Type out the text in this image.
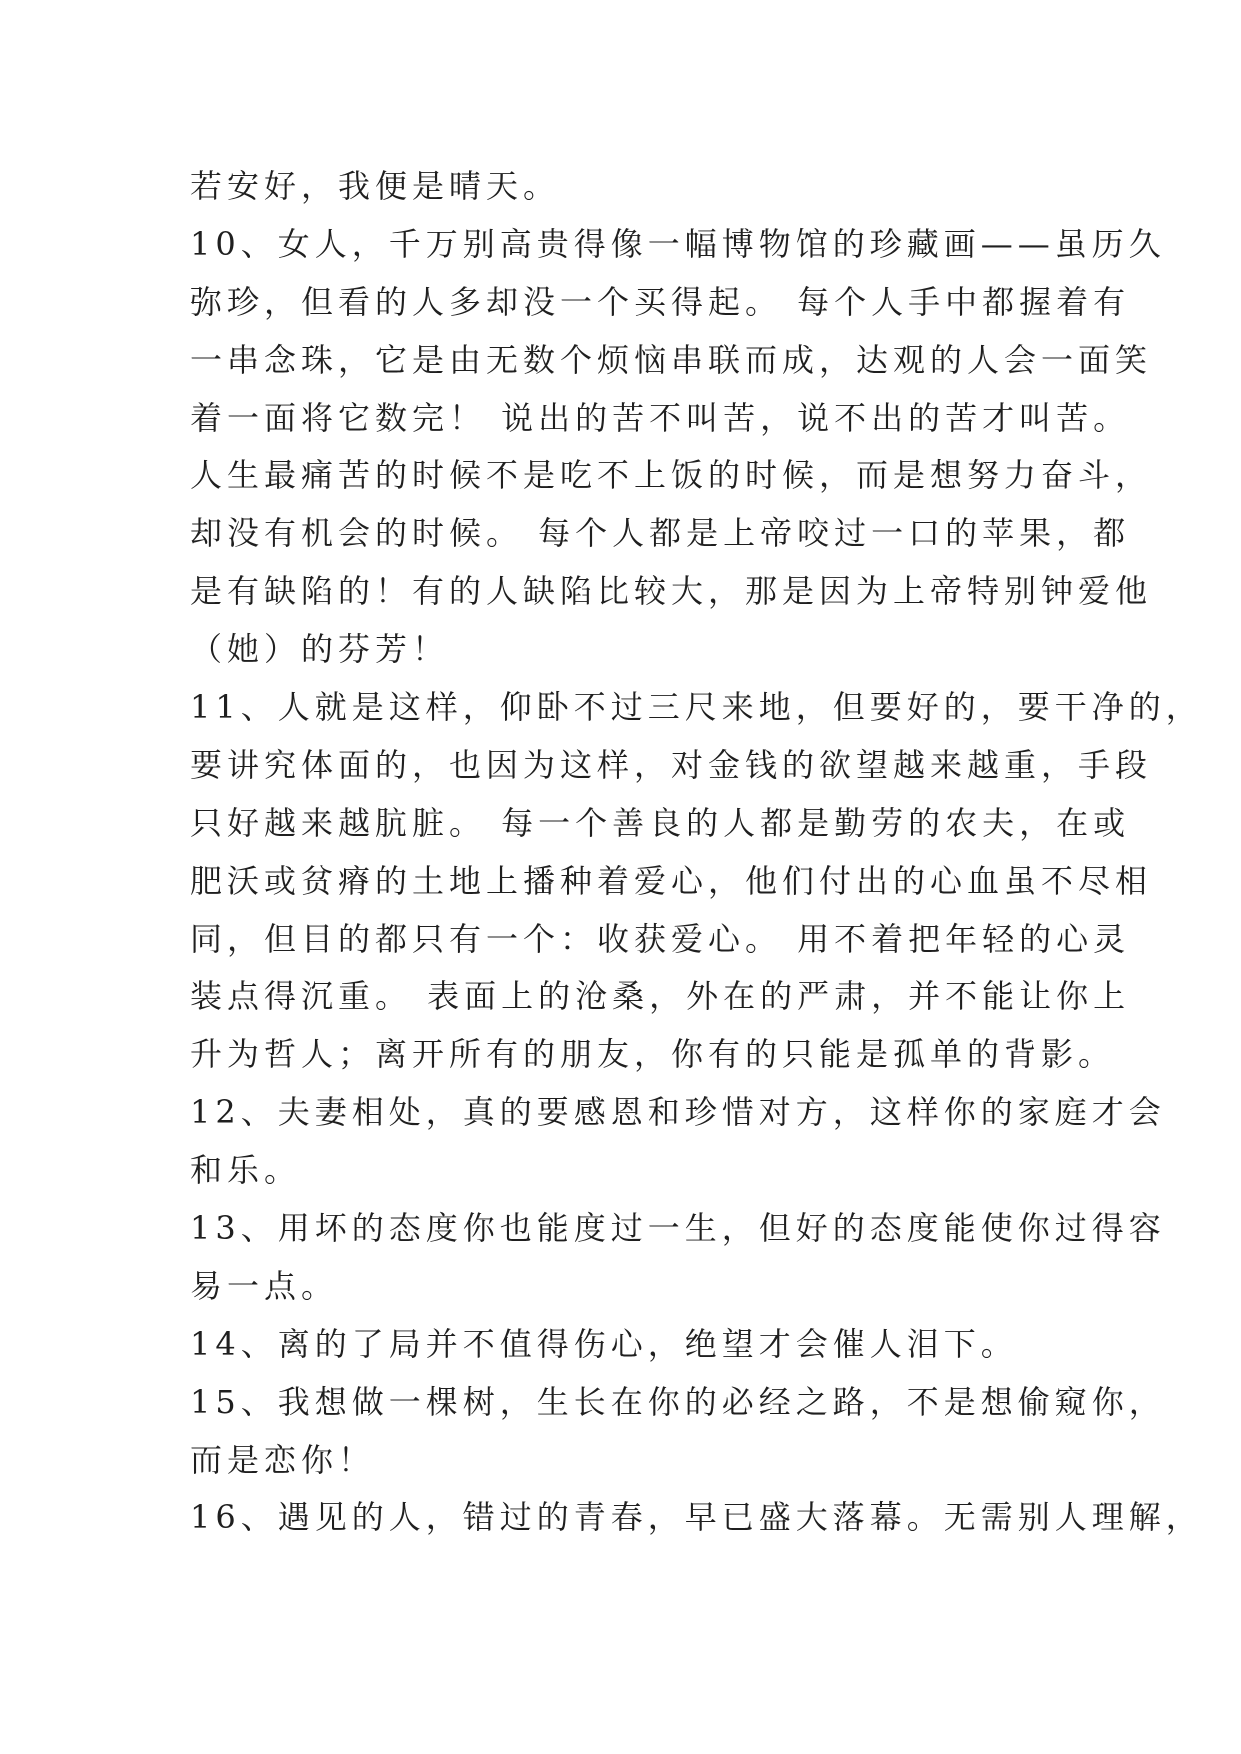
若安好，我便是晴天。
10、女人，千万别高贵得像一幅博物馆的珍藏画——虽历久
弥珍，但看的人多却没一个买得起。 每个人手中都握着有
一串念珠，它是由无数个烦恼串联而成，达观的人会一面笑
着一面将它数完！ 说出的苦不叫苦，说不出的苦才叫苦。
人生最痛苦的时候不是吃不上饭的时候，而是想努力奋斗，
却没有机会的时候。 每个人都是上帝咬过一口的苹果，都
是有缺陷的！有的人缺陷比较大，那是因为上帝特别钟爱他
（她）的芬芳！
11、人就是这样，仰卧不过三尺来地，但要好的，要干净的，
要讲究体面的，也因为这样，对金钱的欲望越来越重，手段
只好越来越肮脏。 每一个善良的人都是勤劳的农夫，在或
肥沃或贫瘠的土地上播种着爱心，他们付出的心血虽不尽相
同，但目的都只有一个：收获爱心。 用不着把年轻的心灵
装点得沉重。 表面上的沧桑，外在的严肃，并不能让你上
升为哲人；离开所有的朋友，你有的只能是孤单的背影。
12、夫妻相处，真的要感恩和珍惜对方，这样你的家庭才会
和乐。
13、用坏的态度你也能度过一生，但好的态度能使你过得容
易一点。
14、离的了局并不值得伤心，绝望才会催人泪下。
15、我想做一棵树，生长在你的必经之路，不是想偷窥你，
而是恋你！
16、遇见的人，错过的青春，早已盛大落幕。无需别人理解，
